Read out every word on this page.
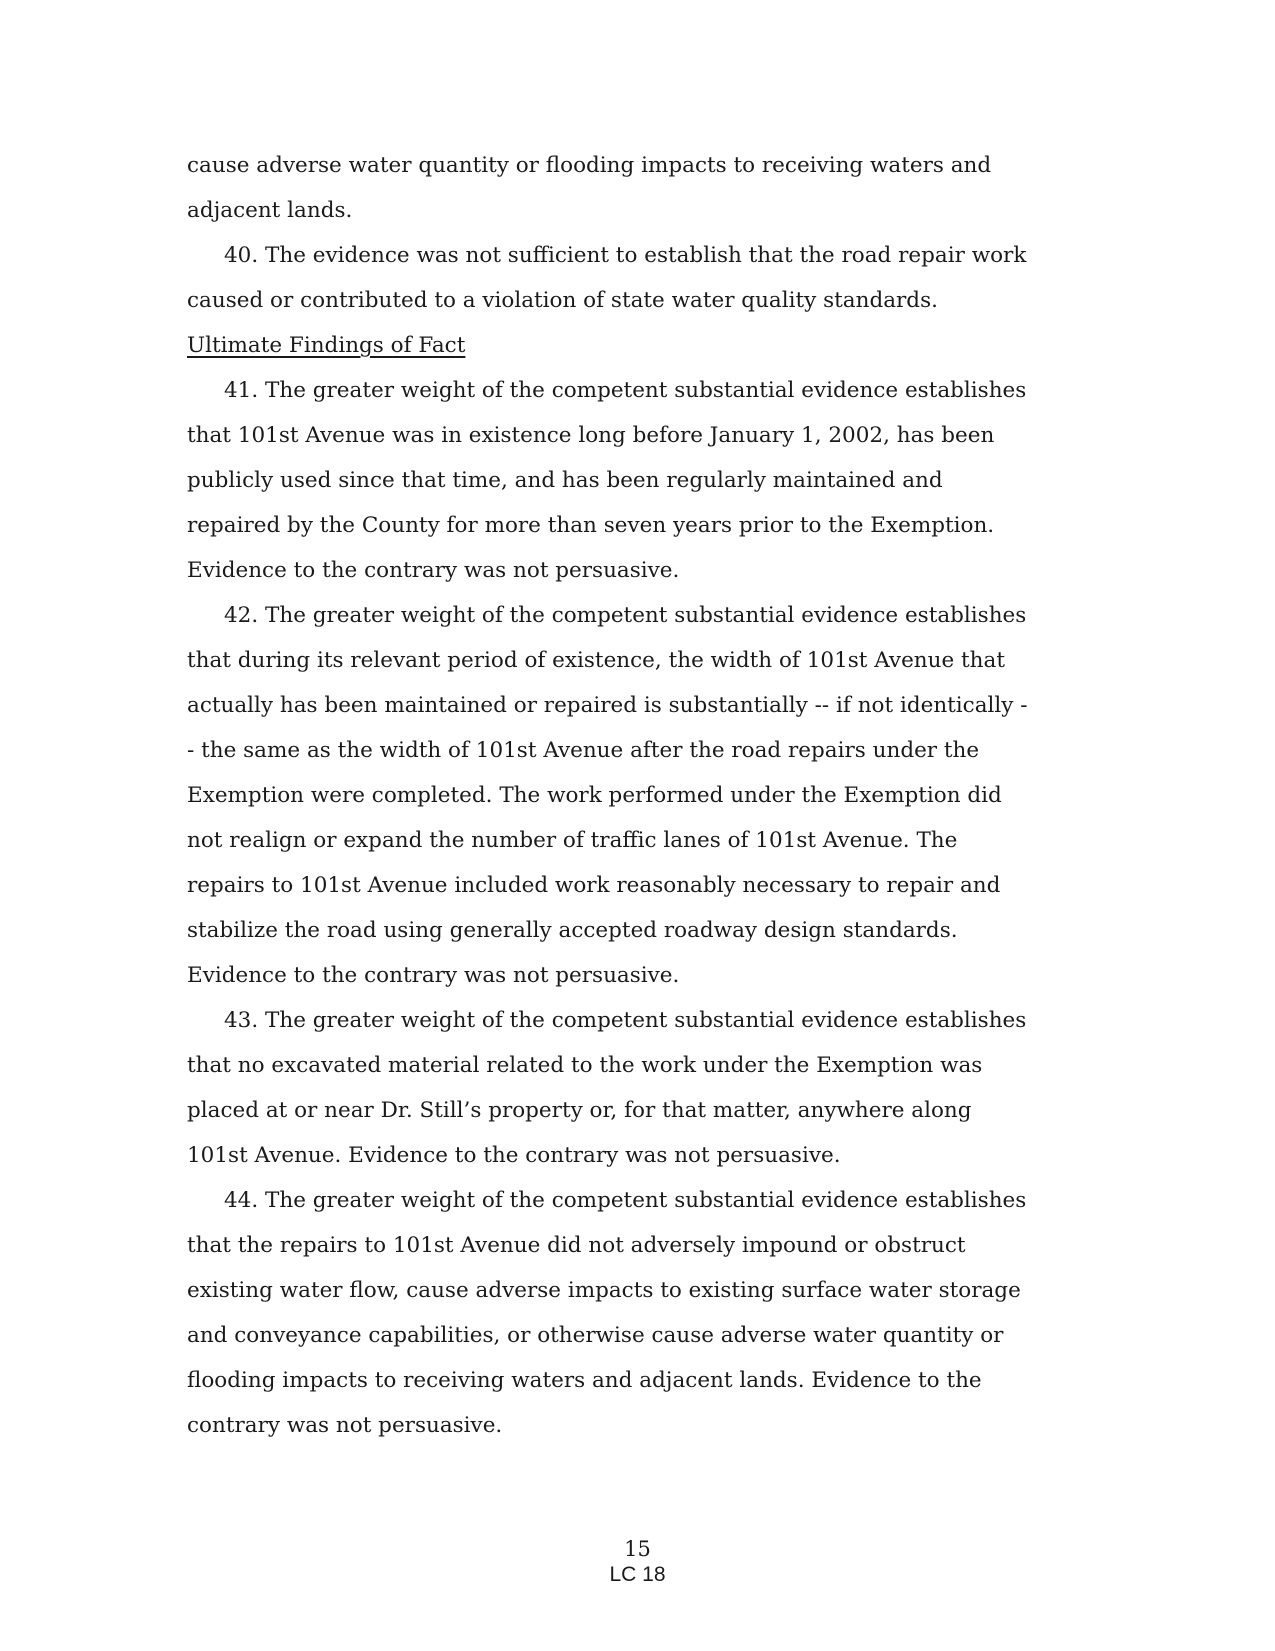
cause adverse water quantity or flooding impacts to receiving waters and

adjacent lands.

40. The evidence was not sufficient to establish that the road repair work

caused or contributed to a violation of state water quality standards.

Ultimate Findings of Fact

41. The greater weight of the competent substantial evidence establishes

that 101st Avenue was in existence long before January 1, 2002, has been

publicly used since that time, and has been regularly maintained and

repaired by the County for more than seven years prior to the Exemption.

Evidence to the contrary was not persuasive.

42. The greater weight of the competent substantial evidence establishes

that during its relevant period of existence, the width of 101st Avenue that

actually has been maintained or repaired is substantially -- if not identically -

- the same as the width of 101st Avenue after the road repairs under the

Exemption were completed. The work performed under the Exemption did

not realign or expand the number of traffic lanes of 101st Avenue. The

repairs to 101st Avenue included work reasonably necessary to repair and

stabilize the road using generally accepted roadway design standards.

Evidence to the contrary was not persuasive.

43. The greater weight of the competent substantial evidence establishes

that no excavated material related to the work under the Exemption was

placed at or near Dr. Still’s property or, for that matter, anywhere along

101st Avenue. Evidence to the contrary was not persuasive.

44. The greater weight of the competent substantial evidence establishes

that the repairs to 101st Avenue did not adversely impound or obstruct

existing water flow, cause adverse impacts to existing surface water storage

and conveyance capabilities, or otherwise cause adverse water quantity or

flooding impacts to receiving waters and adjacent lands. Evidence to the

contrary was not persuasive.

15
LC 18
